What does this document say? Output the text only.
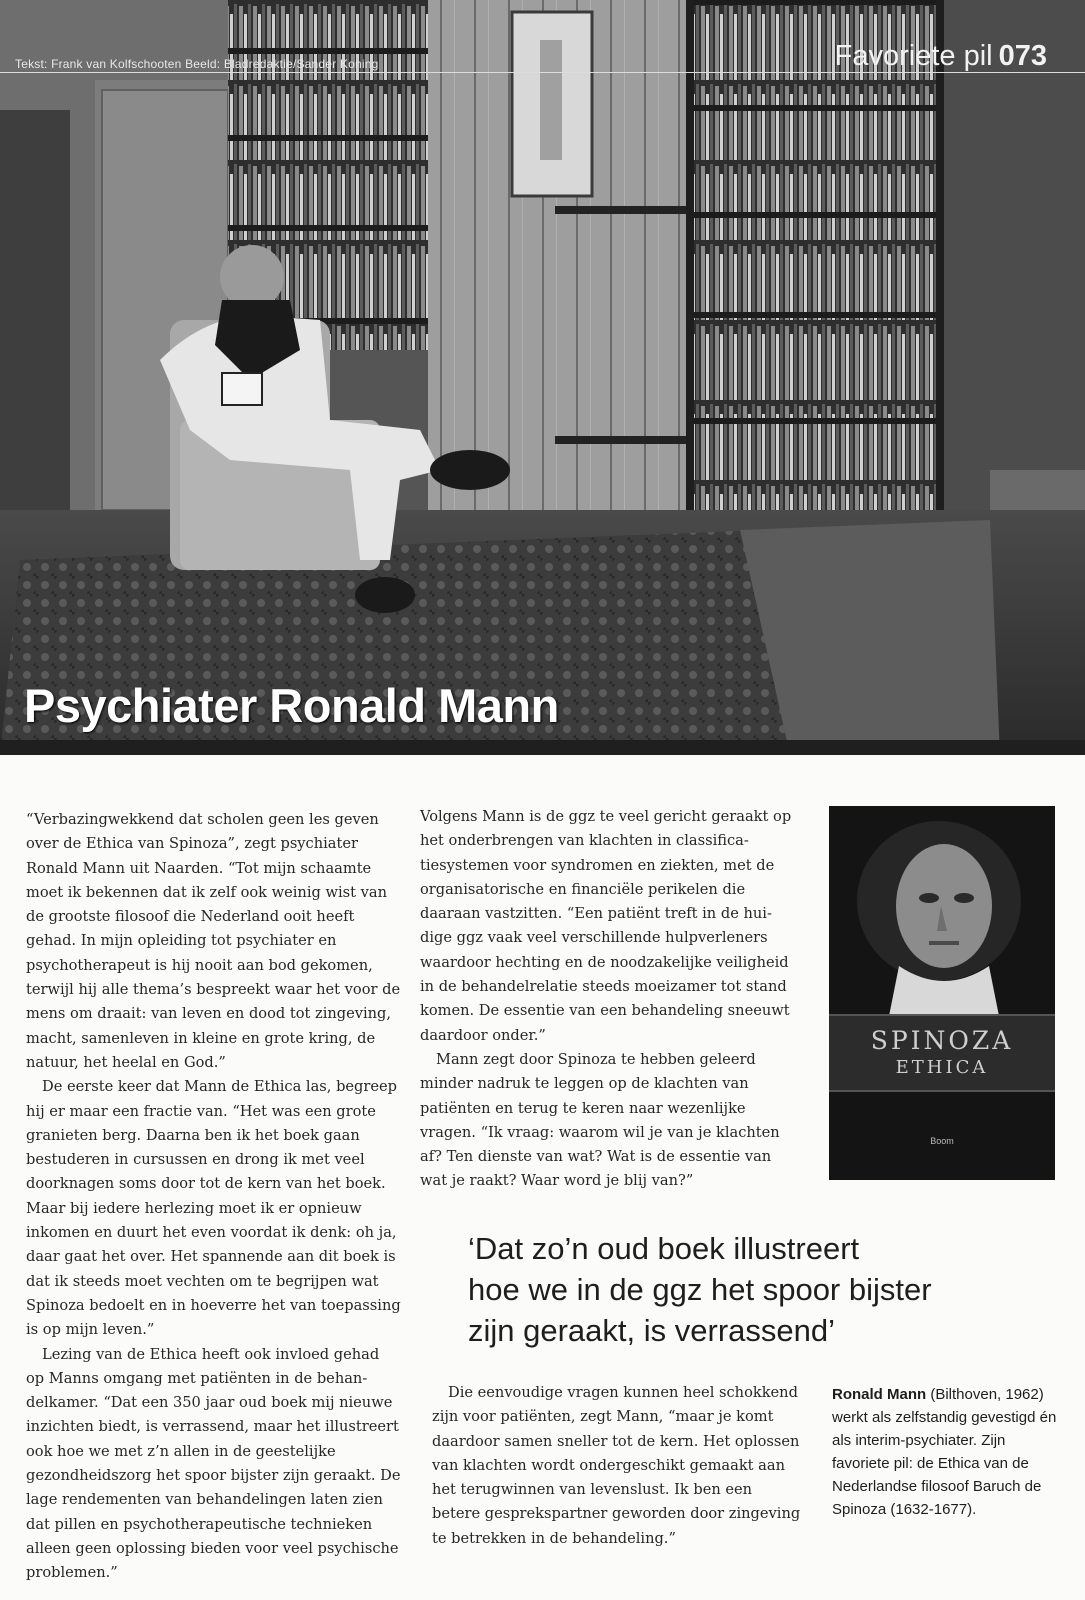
Tekst: Frank van Kolfschooten Beeld: Bladredaktie/Sander Koning	Favoriete pil 073
Psychiater Ronald Mann

“Verbazingwekkend dat scholen geen les geven over de Ethica van Spinoza”, zegt psychiater Ronald Mann uit Naarden. “Tot mijn schaamte moet ik bekennen dat ik zelf ook weinig wist van de grootste filosoof die Nederland ooit heeft gehad. In mijn opleiding tot psychiater en psychotherapeut is hij nooit aan bod gekomen, terwijl hij alle thema’s bespreekt waar het voor de mens om draait: van leven en dood tot zingeving, macht, samenleven in kleine en grote kring, de natuur, het heelal en God.”

De eerste keer dat Mann de Ethica las, begreep hij er maar een fractie van. “Het was een grote granieten berg. Daarna ben ik het boek gaan bestuderen in cursussen en drong ik met veel doorknagen soms door tot de kern van het boek. Maar bij iedere herlezing moet ik er opnieuw inkomen en duurt het even voordat ik denk: oh ja, daar gaat het over. Het spannende aan dit boek is dat ik steeds moet vechten om te begrijpen wat Spinoza bedoelt en in hoeverre het van toepassing is op mijn leven.”

Lezing van de Ethica heeft ook invloed gehad op Manns omgang met patiënten in de behandelkamer. “Dat een 350 jaar oud boek mij nieuwe inzichten biedt, is verrassend, maar het illustreert ook hoe we met z’n allen in de geestelijke gezondheidszorg het spoor bijster zijn geraakt. De lage rendementen van behandelingen laten zien dat pillen en psychotherapeutische technieken alleen geen oplossing bieden voor veel psychische problemen.”

Volgens Mann is de ggz te veel gericht geraakt op het onderbrengen van klachten in classificatiesystemen voor syndromen en ziekten, met de organisatorische en financiële perikelen die daaraan vastzitten. “Een patiënt treft in de huidige ggz vaak veel verschillende hulpverleners waardoor hechting en de noodzakelijke veiligheid in de behandelrelatie steeds moeizamer tot stand komen. De essentie van een behandeling sneeuwt daardoor onder.”

Mann zegt door Spinoza te hebben geleerd minder nadruk te leggen op de klachten van patiënten en terug te keren naar wezenlijke vragen. “Ik vraag: waarom wil je van je klachten af? Ten dienste van wat? Wat is de essentie van wat je raakt? Waar word je blij van?”

SPINOZA
ETHICA
Boom
‘Dat zo’n oud boek illustreert
hoe we in de ggz het spoor bijster
zijn geraakt, is verrassend’

Die eenvoudige vragen kunnen heel schokkend zijn voor patiënten, zegt Mann, “maar je komt daardoor samen sneller tot de kern. Het oplossen van klachten wordt ondergeschikt gemaakt aan het terugwinnen van levenslust. Ik ben een betere gesprekspartner geworden door zingeving te betrekken in de behandeling.”

Ronald Mann (Bilthoven, 1962) werkt als zelfstandig gevestigd én als interim-psychiater. Zijn favoriete pil: de Ethica van de Nederlandse filosoof Baruch de Spinoza (1632-1677).
